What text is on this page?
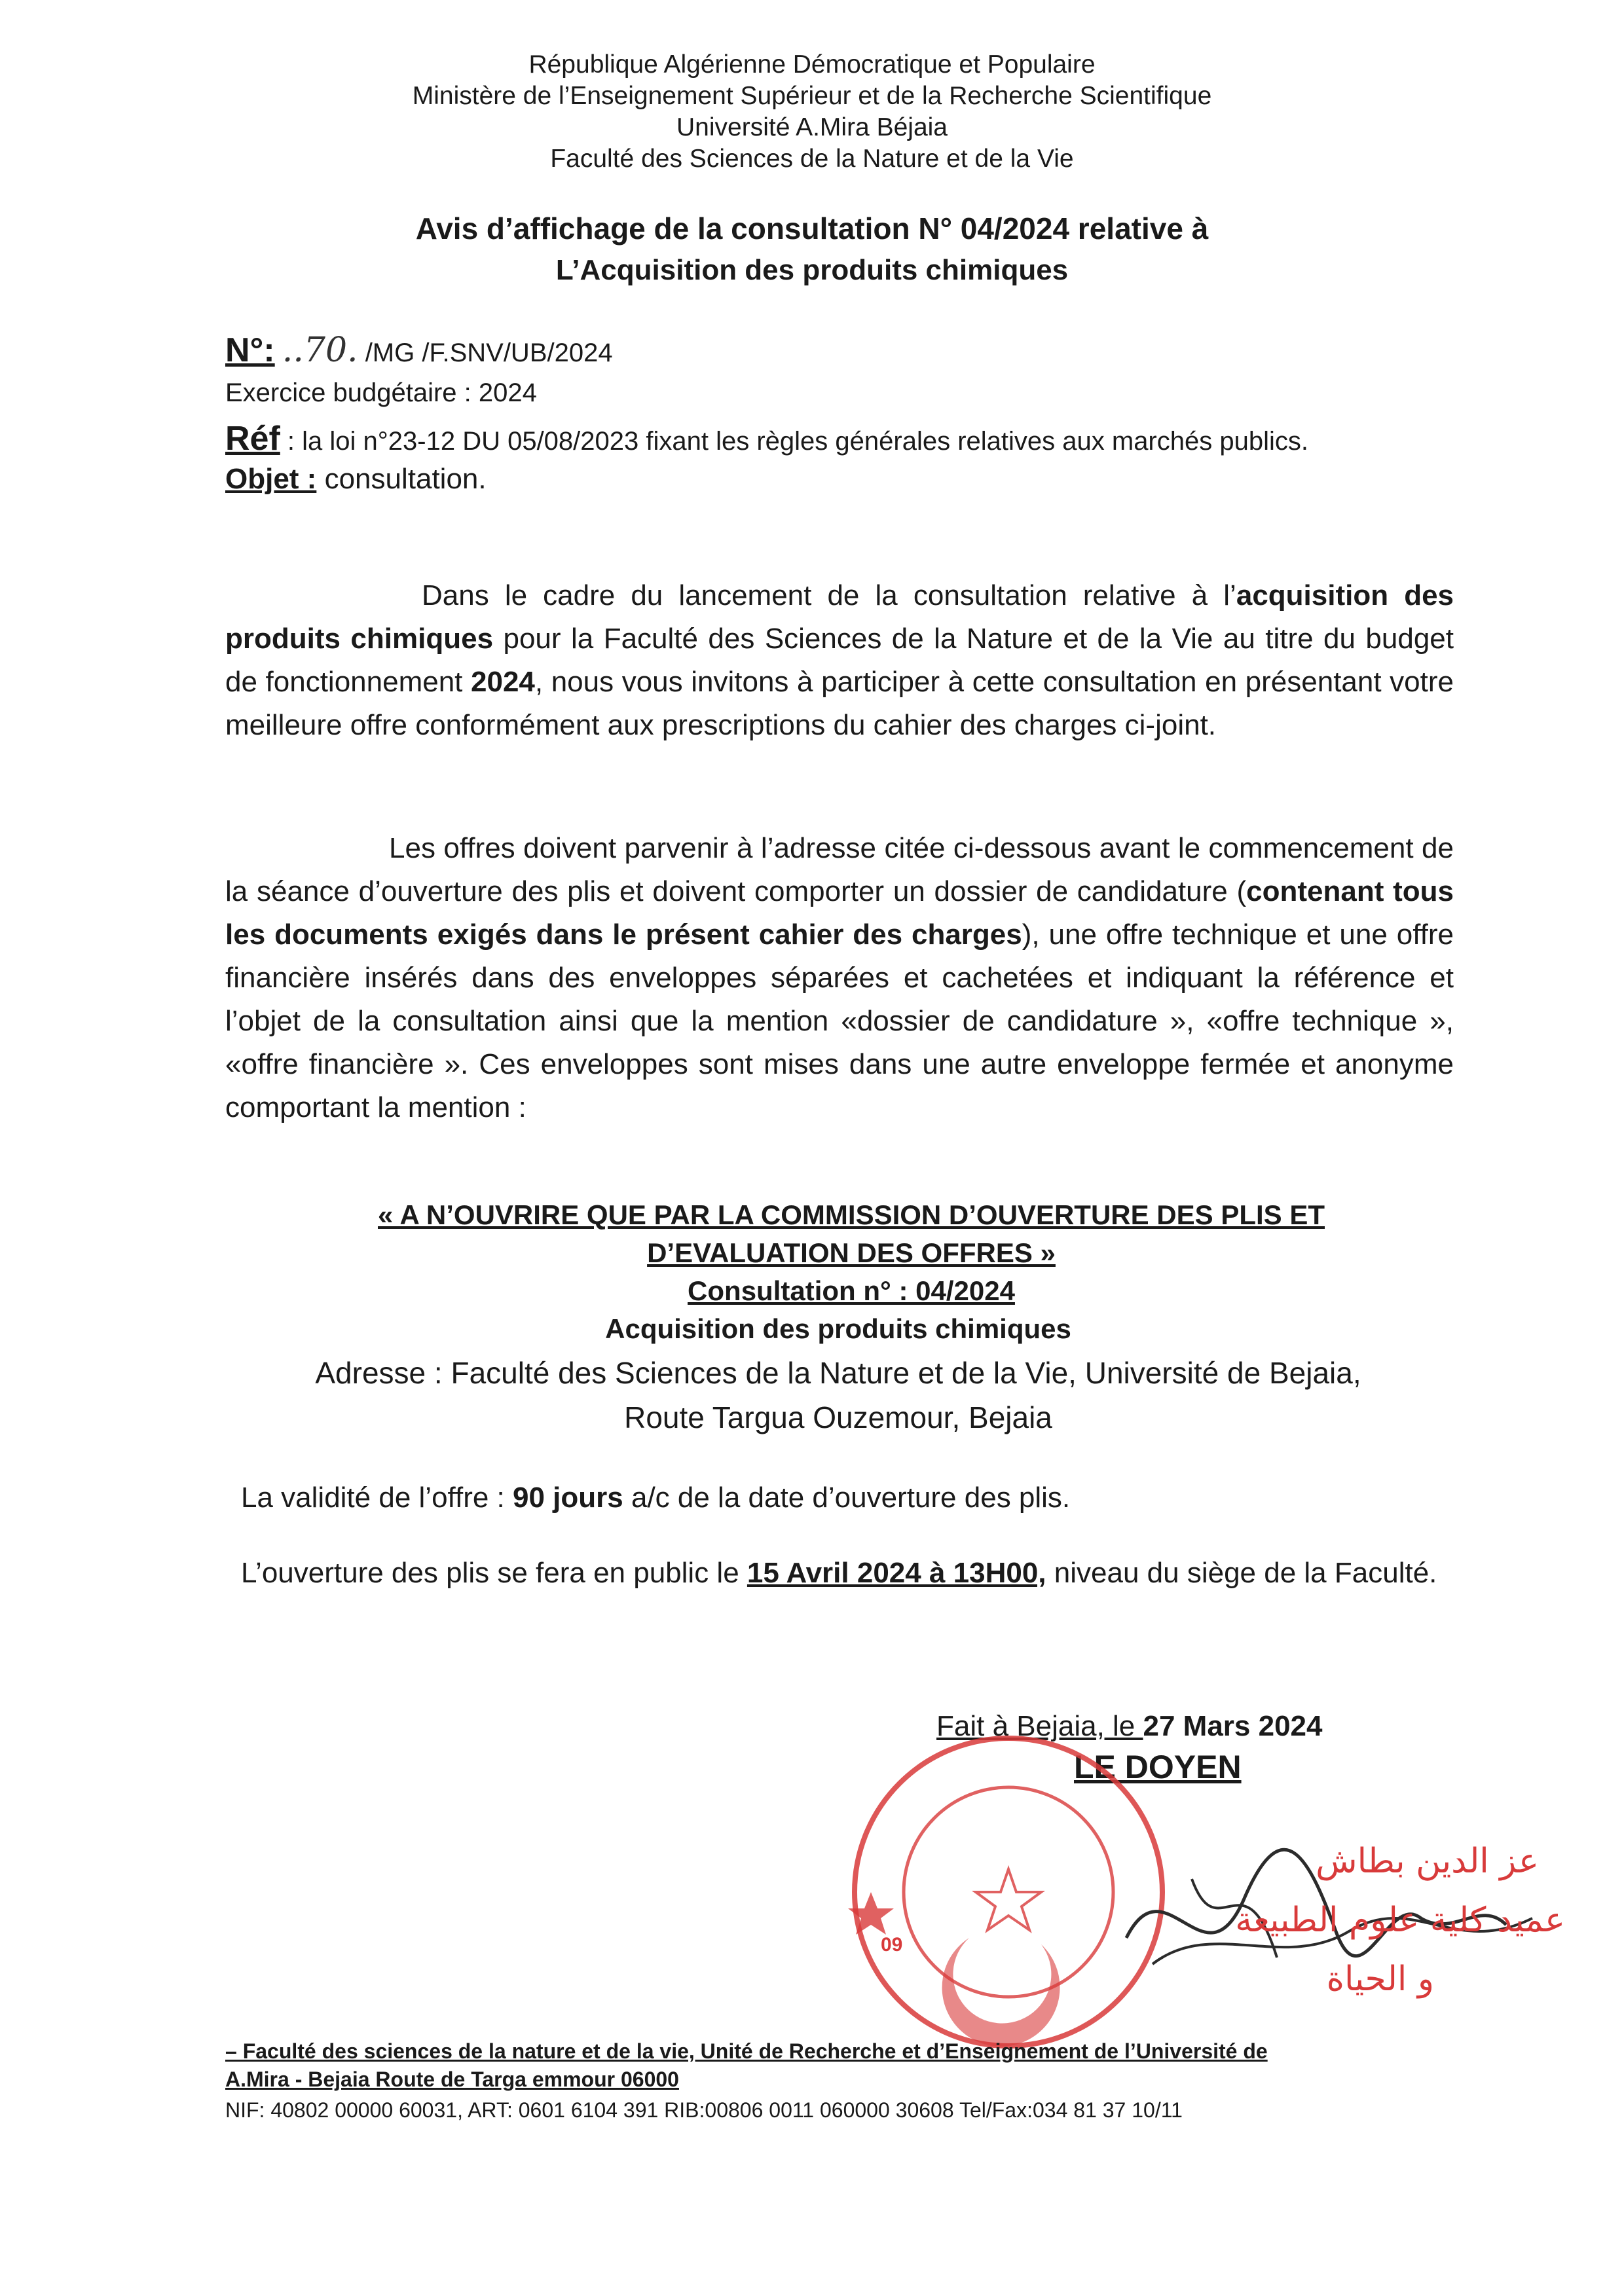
République Algérienne Démocratique et Populaire
Ministère de l’Enseignement Supérieur et de la Recherche Scientifique
Université A.Mira Béjaia
Faculté des Sciences de la Nature et de la Vie
Avis d’affichage de la consultation N° 04/2024 relative à
L’Acquisition des produits chimiques
N°: ..70. /MG /F.SNV/UB/2024
Exercice budgétaire : 2024
Réf : la loi n°23-12 DU 05/08/2023 fixant les règles générales relatives aux marchés publics.
Objet : consultation.

Dans le cadre du lancement de la consultation relative à l’acquisition des produits chimiques pour la Faculté des Sciences de la Nature et de la Vie au titre du budget de fonctionnement 2024, nous vous invitons à participer à cette consultation en présentant votre meilleure offre conformément aux prescriptions du cahier des charges ci-joint.

Les offres doivent parvenir à l’adresse citée ci-dessous avant le commencement de la séance d’ouverture des plis et doivent comporter un dossier de candidature (contenant tous les documents exigés dans le présent cahier des charges), une offre technique et une offre financière insérés dans des enveloppes séparées et cachetées et indiquant la référence et l’objet de la consultation ainsi que la mention «dossier de candidature », «offre technique », «offre financière ». Ces enveloppes sont mises dans une autre enveloppe fermée et anonyme comportant la mention :

« A N’OUVRIRE QUE PAR LA COMMISSION D’OUVERTURE DES PLIS ET
D’EVALUATION DES OFFRES »
Consultation n° : 04/2024
Acquisition des produits chimiques
Adresse : Faculté des Sciences de la Nature et de la Vie, Université de Bejaia,
Route Targua Ouzemour, Bejaia
La validité de l’offre : 90 jours a/c de la date d’ouverture des plis.

L’ouverture des plis se fera en public le 15 Avril 2024 à 13H00, niveau du siège de la Faculté.

Fait à Bejaia, le 27 Mars 2024
LE DOYEN
09
عز الدين بطاش
عميد كلية علوم الطبيعة
و الحياة
– Faculté des sciences de la nature et de la vie, Unité de Recherche et d’Enseignement de l’Université de
A.Mira - Bejaia Route de Targa emmour 06000
NIF: 40802 00000 60031, ART: 0601 6104 391 RIB:00806 0011 060000 30608 Tel/Fax:034 81 37 10/11
